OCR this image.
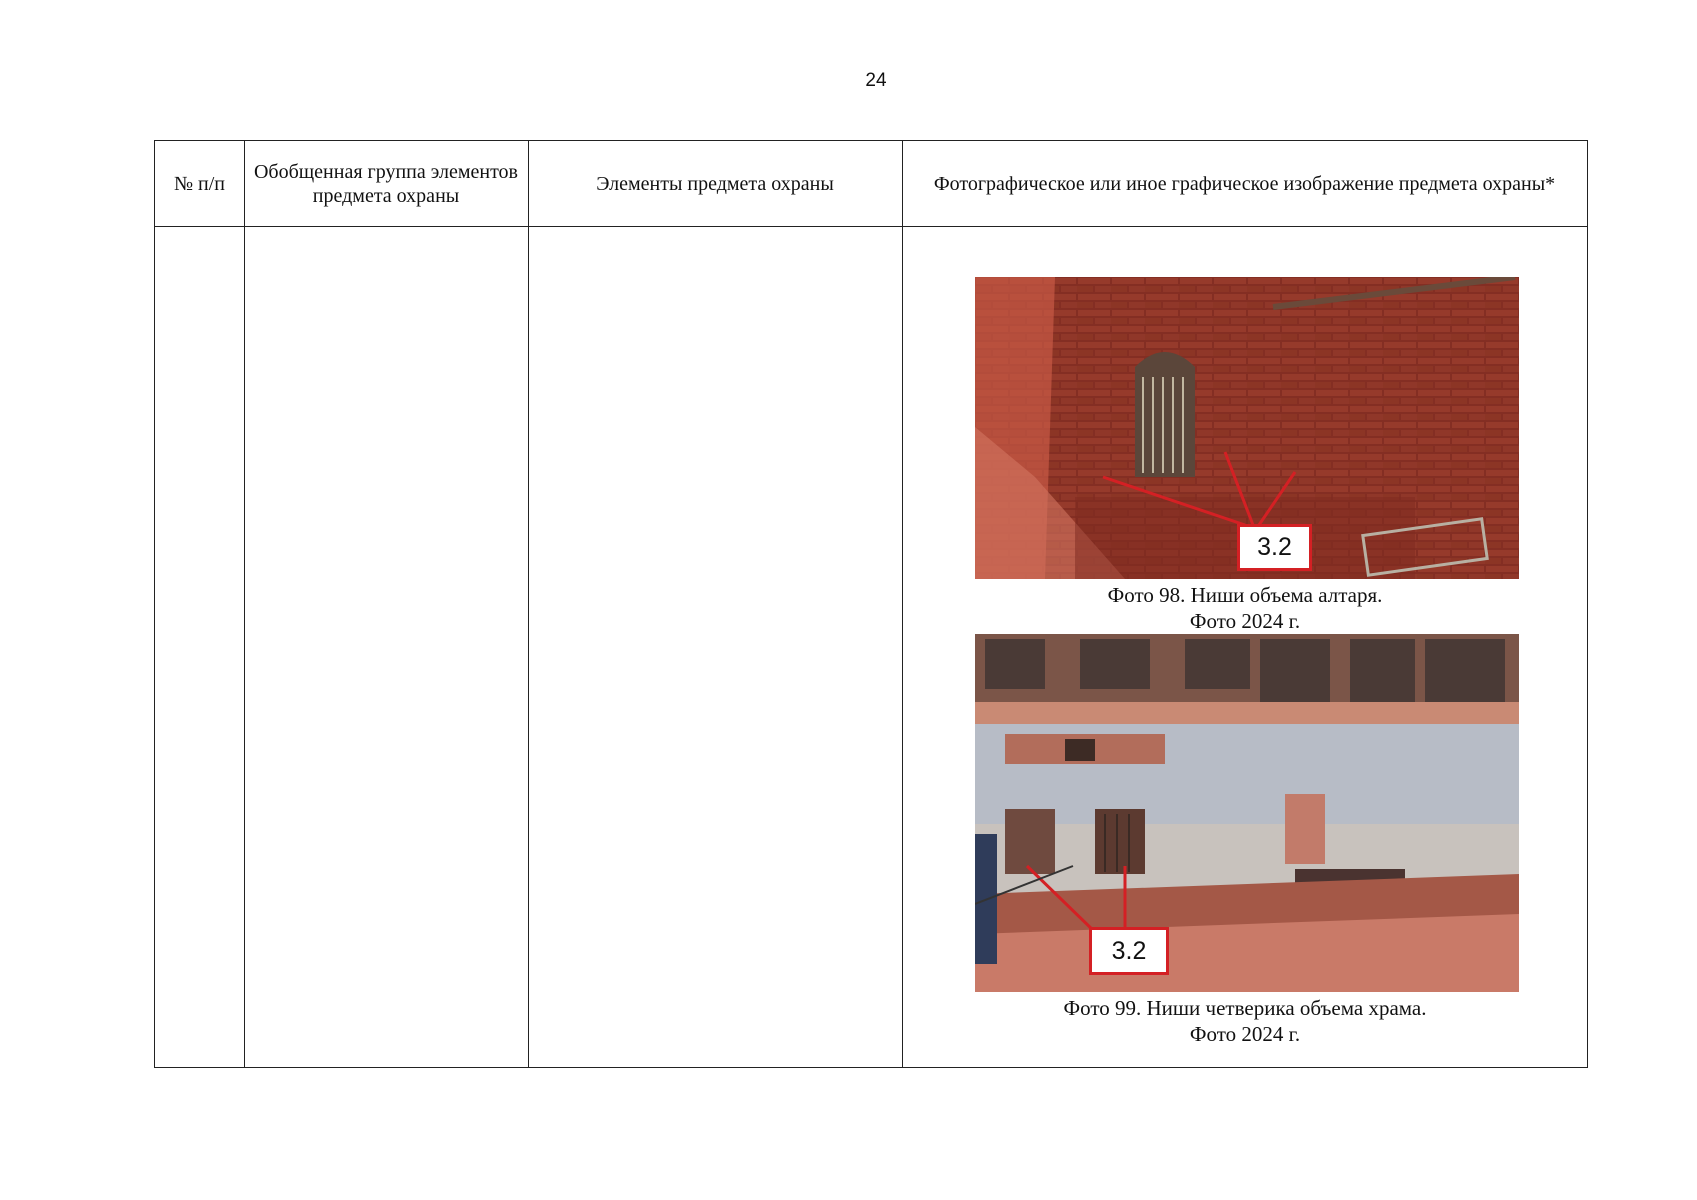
24
№ п/п
Обобщенная группа элементов предмета охраны
Элементы предмета охраны	Фотографическое или иное графическое изображение предмета охраны*
3.2
Фото 98. Ниши объема алтаря.
Фото 2024 г.
3.2
Фото 99. Ниши четверика объема храма.
Фото 2024 г.
